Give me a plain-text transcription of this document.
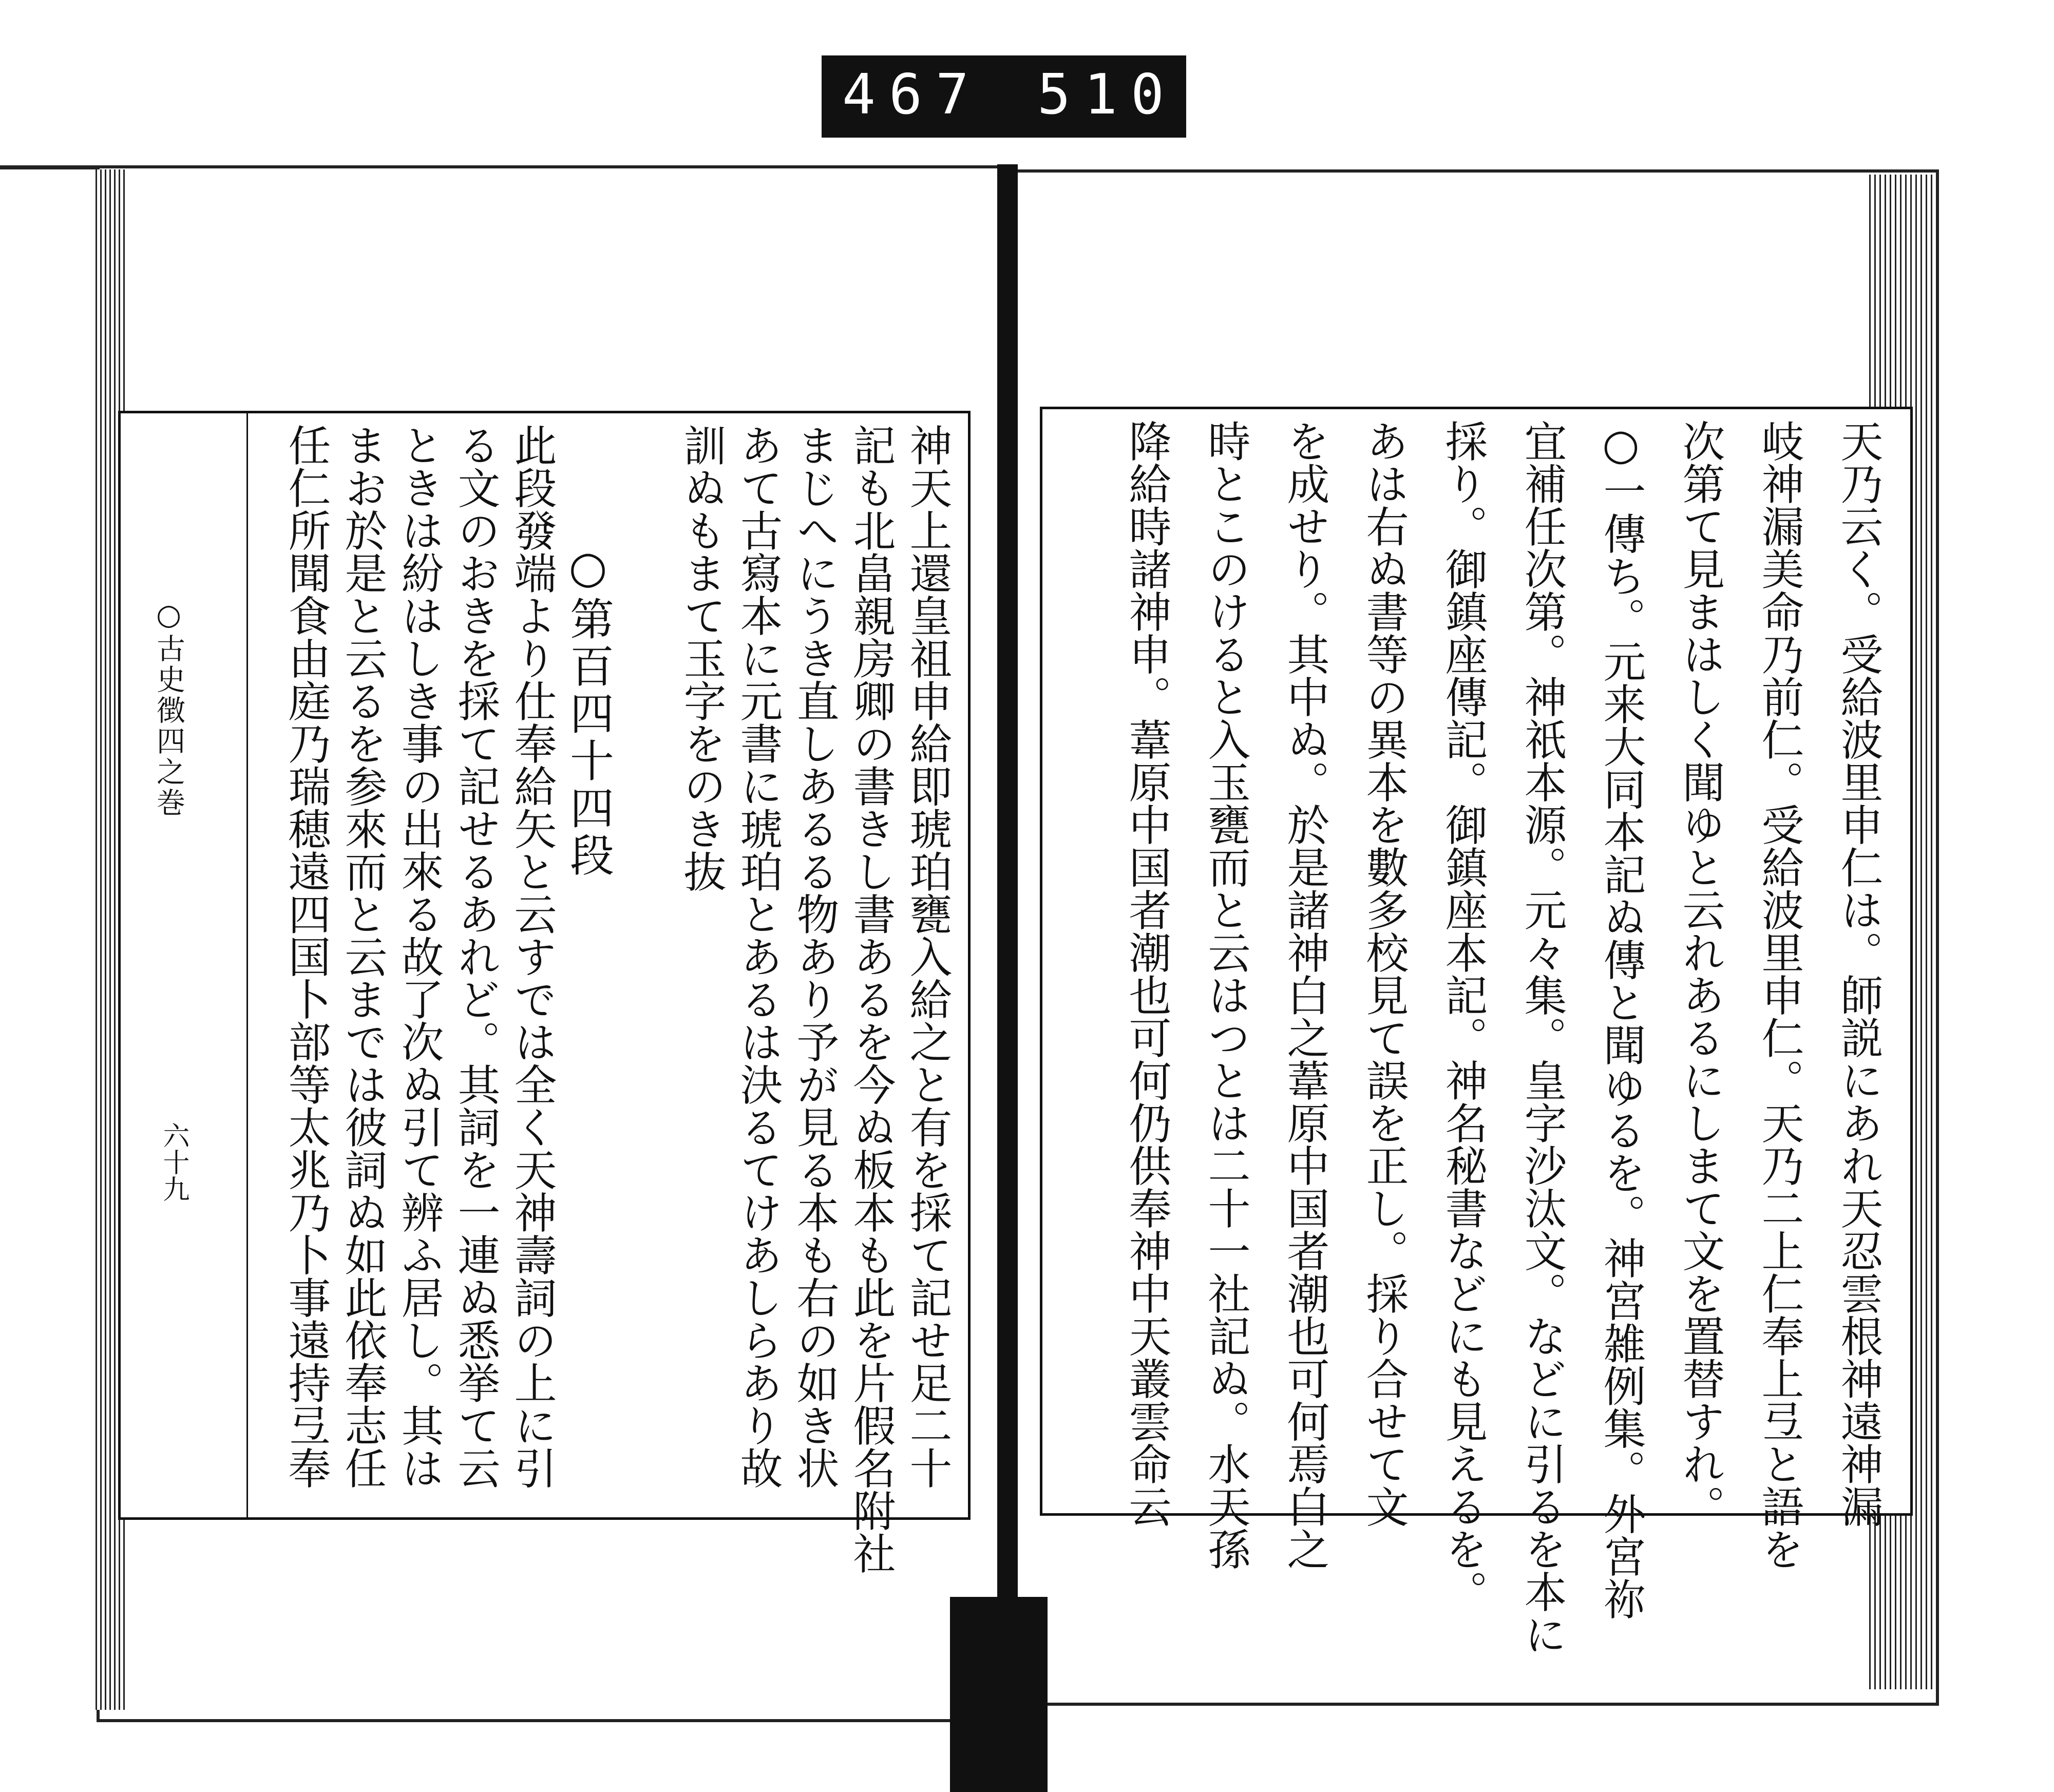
467 510
○古史徴四之巻
六十九	神天上還皇祖申給即琥珀甕入給之と有を採て記せ足二十
記も北畠親房卿の書きし書あるを今ぬ板本も此を片假名附社
まじへにうき直しあるる物あり予が見る本も右の如き状
あて古寫本に元書に琥珀とあるは決るてけあしらあり故
訓ぬもまて玉字をのき抜
○第百四十四段
此段發端より仕奉給矢と云すでは全く天神壽詞の上に引
る文のおきを採て記せるあれど。其詞を一連ぬ悉挙て云
ときは紛はしき事の出來る故了次ぬ引て辨ふ居し。其は
まお於是と云るを参來而と云までは彼詞ぬ如此依奉志任
任仁所聞食由庭乃瑞穂遠四国卜部等太兆乃卜事遠持弖奉	天乃云く。受給波里申仁は。師説にあれ天忍雲根神遠神漏
岐神漏美命乃前仁。受給波里申仁。天乃二上仁奉上弖と語を
次第て見まはしく聞ゆと云れあるにしまて文を置替すれ。
○一傳ち。元来大同本記ぬ傳と聞ゆるを。神宮雑例集。外宮祢
宜補任次第。神祇本源。元々集。皇字沙汰文。などに引るを本に
採り。御鎮座傳記。御鎮座本記。神名秘書などにも見えるを。
あは右ぬ書等の異本を數多校見て誤を正し。採り合せて文
を成せり。其中ぬ。於是諸神白之葦原中国者潮也可何焉白之
時とこのけると入玉甕而と云はつとは二十一社記ぬ。水天孫
降給時諸神申。葦原中国者潮也可何仍供奉神中天叢雲命云
